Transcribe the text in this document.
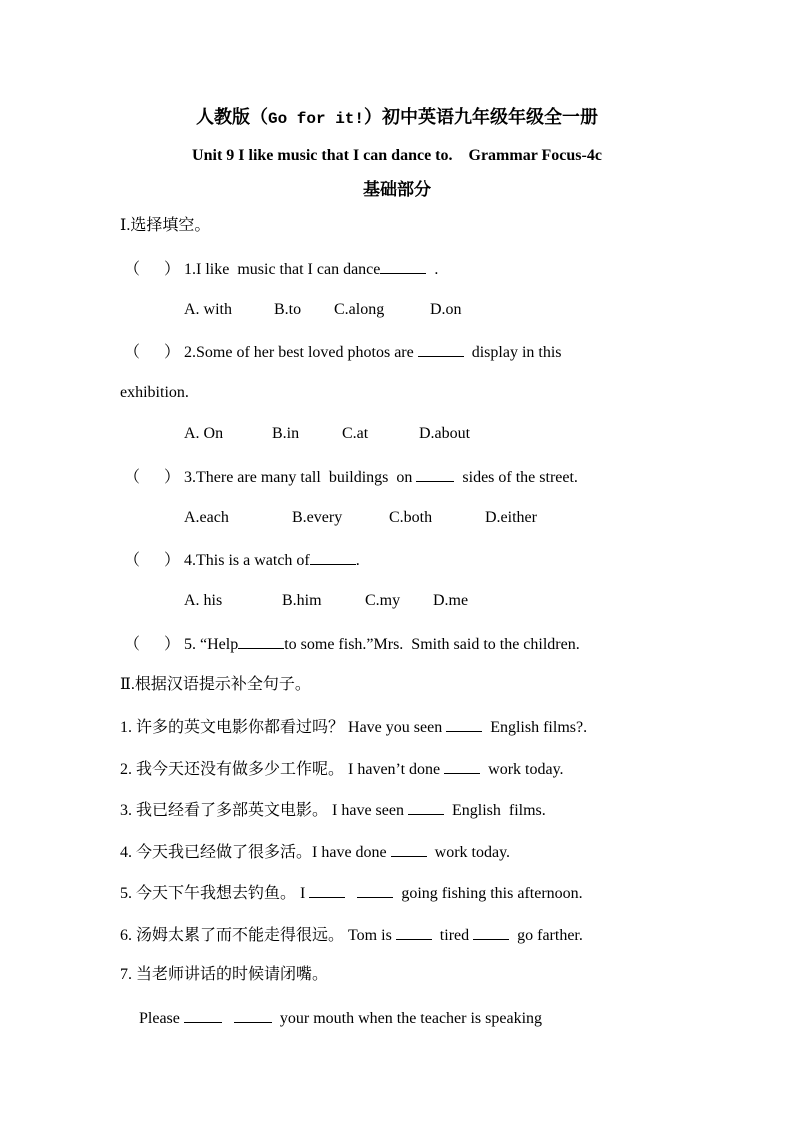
人教版（Go for it!）初中英语九年级年级全一册
Unit 9 I like music that I can dance to.    Grammar Focus-4c
基础部分
Ⅰ.选择填空。
（      ） 1.I like  music that I can dance	.
A. with	B.to C.along	D.on
（      ） 2.Some of her best loved photos are	display in this
exhibition.
A. On	B.in	C.at	D.about
（      ） 3.There are many tall  buildings  on   sides of the street.
A.each	B.every	C.both	D.either
（      ） 4.This is a watch of	.
A. his	B.him	C.my D.me
（      ） 5. “Help	to some fish.”Mrs.  Smith said to the children.
Ⅱ.根据汉语提示补全句子。
1. 许多的英文电影你都看过吗？ Have you seen   English films?.
2. 我今天还没有做多少工作呢。 I haven’t done   work today.
3. 我已经看了多部英文电影。 I have seen   English  films.
4. 今天我已经做了很多活。I have done   work today.
5. 今天下午我想去钓鱼。 I	going fishing this afternoon.
6. 汤姆太累了而不能走得很远。 Tom is   tired   go farther.
7. 当老师讲话的时候请闭嘴。
Please	your mouth when the teacher is speaking
